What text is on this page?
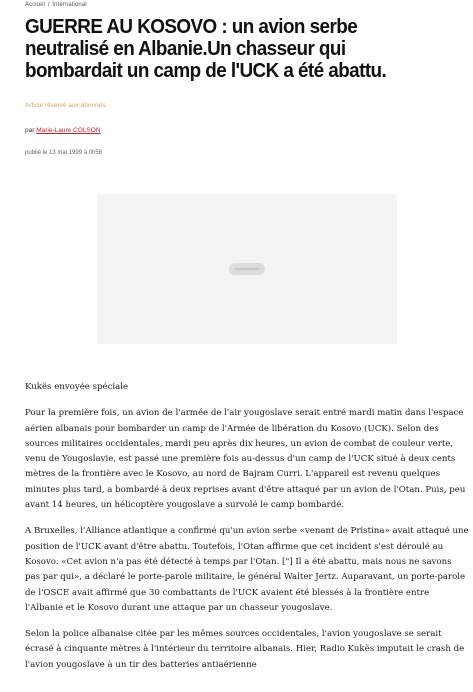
Accueil / International
GUERRE AU KOSOVO : un avion serbe neutralisé en Albanie.Un chasseur qui bombardait un camp de l'UCK a été abattu.
Article réservé aux abonnés
par Marie-Laure COLSON
publié le 13 mai 1999 à 0h58

Kukës envoyée spéciale

Pour la première fois, un avion de l'armée de l'air yougoslave serait entré mardi matin dans l'espace aérien albanais pour bombarder un camp de l'Armée de libération du Kosovo (UCK). Selon des sources militaires occidentales, mardi peu après dix heures, un avion de combat de couleur verte, venu de Yougoslavie, est passé une première fois au-dessus d'un camp de l'UCK situé à deux cents mètres de la frontière avec le Kosovo, au nord de Bajram Curri. L'appareil est revenu quelques minutes plus tard, a bombardé à deux reprises avant d'être attaqué par un avion de l'Otan. Puis, peu avant 14 heures, un hélicoptère yougoslave a survolé le camp bombardé.

A Bruxelles, l'Alliance atlantique a confirmé qu'un avion serbe «venant de Pristina» avait attaqué une position de l'UCK avant d'être abattu. Toutefois, l'Otan affirme que cet incident s'est déroulé au Kosovo. «Cet avion n'a pas été détecté à temps par l'Otan. ["] Il a été abattu, mais nous ne savons pas par qui», a déclaré le porte-parole militaire, le général Walter Jertz. Auparavant, un porte-parole de l'OSCE avait affirmé que 30 combattants de l'UCK avaient été blessés à la frontière entre l'Albanie et le Kosovo durant une attaque par un chasseur yougoslave.

Selon la police albanaise citée par les mêmes sources occidentales, l'avion yougoslave se serait écrasé à cinquante mètres à l'intérieur du territoire albanais. Hier, Radio Kukës imputait le crash de l'avion yougoslave à un tir des batteries antiaérienne
